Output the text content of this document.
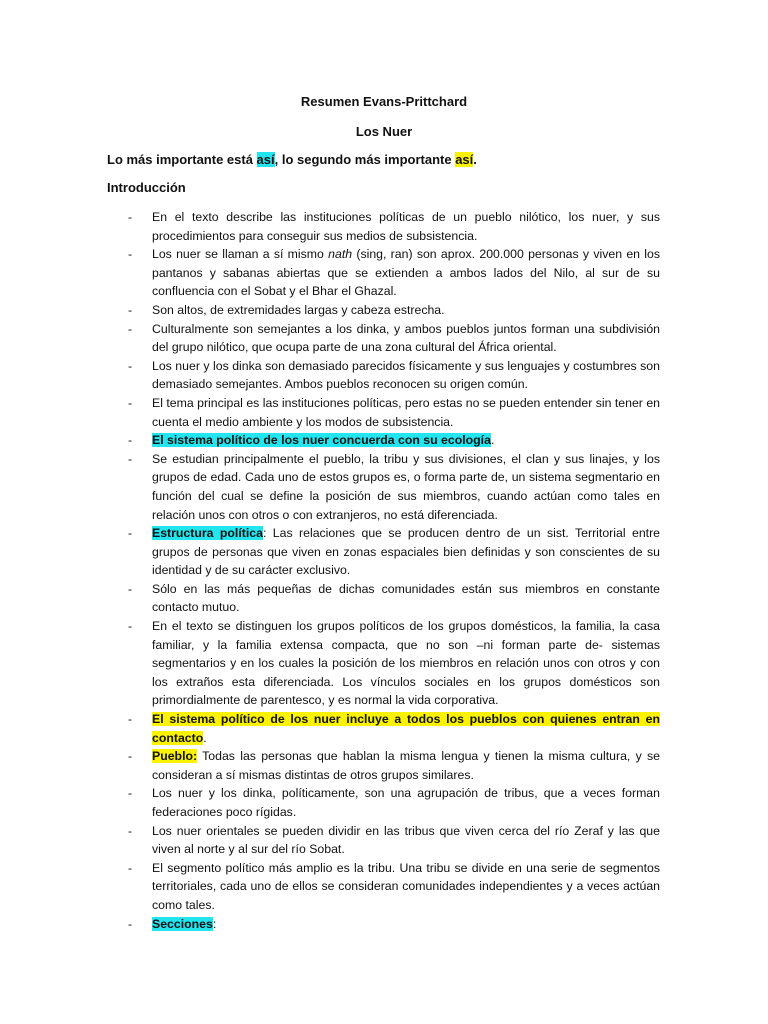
Resumen Evans-Prittchard
Los Nuer
Lo más importante está así, lo segundo más importante así.
Introducción
- En el texto describe las instituciones políticas de un pueblo nilótico, los nuer, y sus procedimientos para conseguir sus medios de subsistencia.
- Los nuer se llaman a sí mismo nath (sing, ran) son aprox. 200.000 personas y viven en los pantanos y sabanas abiertas que se extienden a ambos lados del Nilo, al sur de su confluencia con el Sobat y el Bhar el Ghazal.
- Son altos, de extremidades largas y cabeza estrecha.
- Culturalmente son semejantes a los dinka, y ambos pueblos juntos forman una subdivisión del grupo nilótico, que ocupa parte de una zona cultural del África oriental.
- Los nuer y los dinka son demasiado parecidos físicamente y sus lenguajes y costumbres son demasiado semejantes. Ambos pueblos reconocen su origen común.
- El tema principal es las instituciones políticas, pero estas no se pueden entender sin tener en cuenta el medio ambiente y los modos de subsistencia.
- El sistema político de los nuer concuerda con su ecología.
- Se estudian principalmente el pueblo, la tribu y sus divisiones, el clan y sus linajes, y los grupos de edad. Cada uno de estos grupos es, o forma parte de, un sistema segmentario en función del cual se define la posición de sus miembros, cuando actúan como tales en relación unos con otros o con extranjeros, no está diferenciada.
- Estructura política: Las relaciones que se producen dentro de un sist. Territorial entre grupos de personas que viven en zonas espaciales bien definidas y son conscientes de su identidad y de su carácter exclusivo.
- Sólo en las más pequeñas de dichas comunidades están sus miembros en constante contacto mutuo.
- En el texto se distinguen los grupos políticos de los grupos domésticos, la familia, la casa familiar, y la familia extensa compacta, que no son –ni forman parte de- sistemas segmentarios y en los cuales la posición de los miembros en relación unos con otros y con los extraños esta diferenciada. Los vínculos sociales en los grupos domésticos son primordialmente de parentesco, y es normal la vida corporativa.
- El sistema político de los nuer incluye a todos los pueblos con quienes entran en contacto.
- Pueblo: Todas las personas que hablan la misma lengua y tienen la misma cultura, y se consideran a sí mismas distintas de otros grupos similares.
- Los nuer y los dinka, políticamente, son una agrupación de tribus, que a veces forman federaciones poco rígidas.
- Los nuer orientales se pueden dividir en las tribus que viven cerca del río Zeraf y las que viven al norte y al sur del río Sobat.
- El segmento político más amplio es la tribu. Una tribu se divide en una serie de segmentos territoriales, cada uno de ellos se consideran comunidades independientes y a veces actúan como tales.
- Secciones:
